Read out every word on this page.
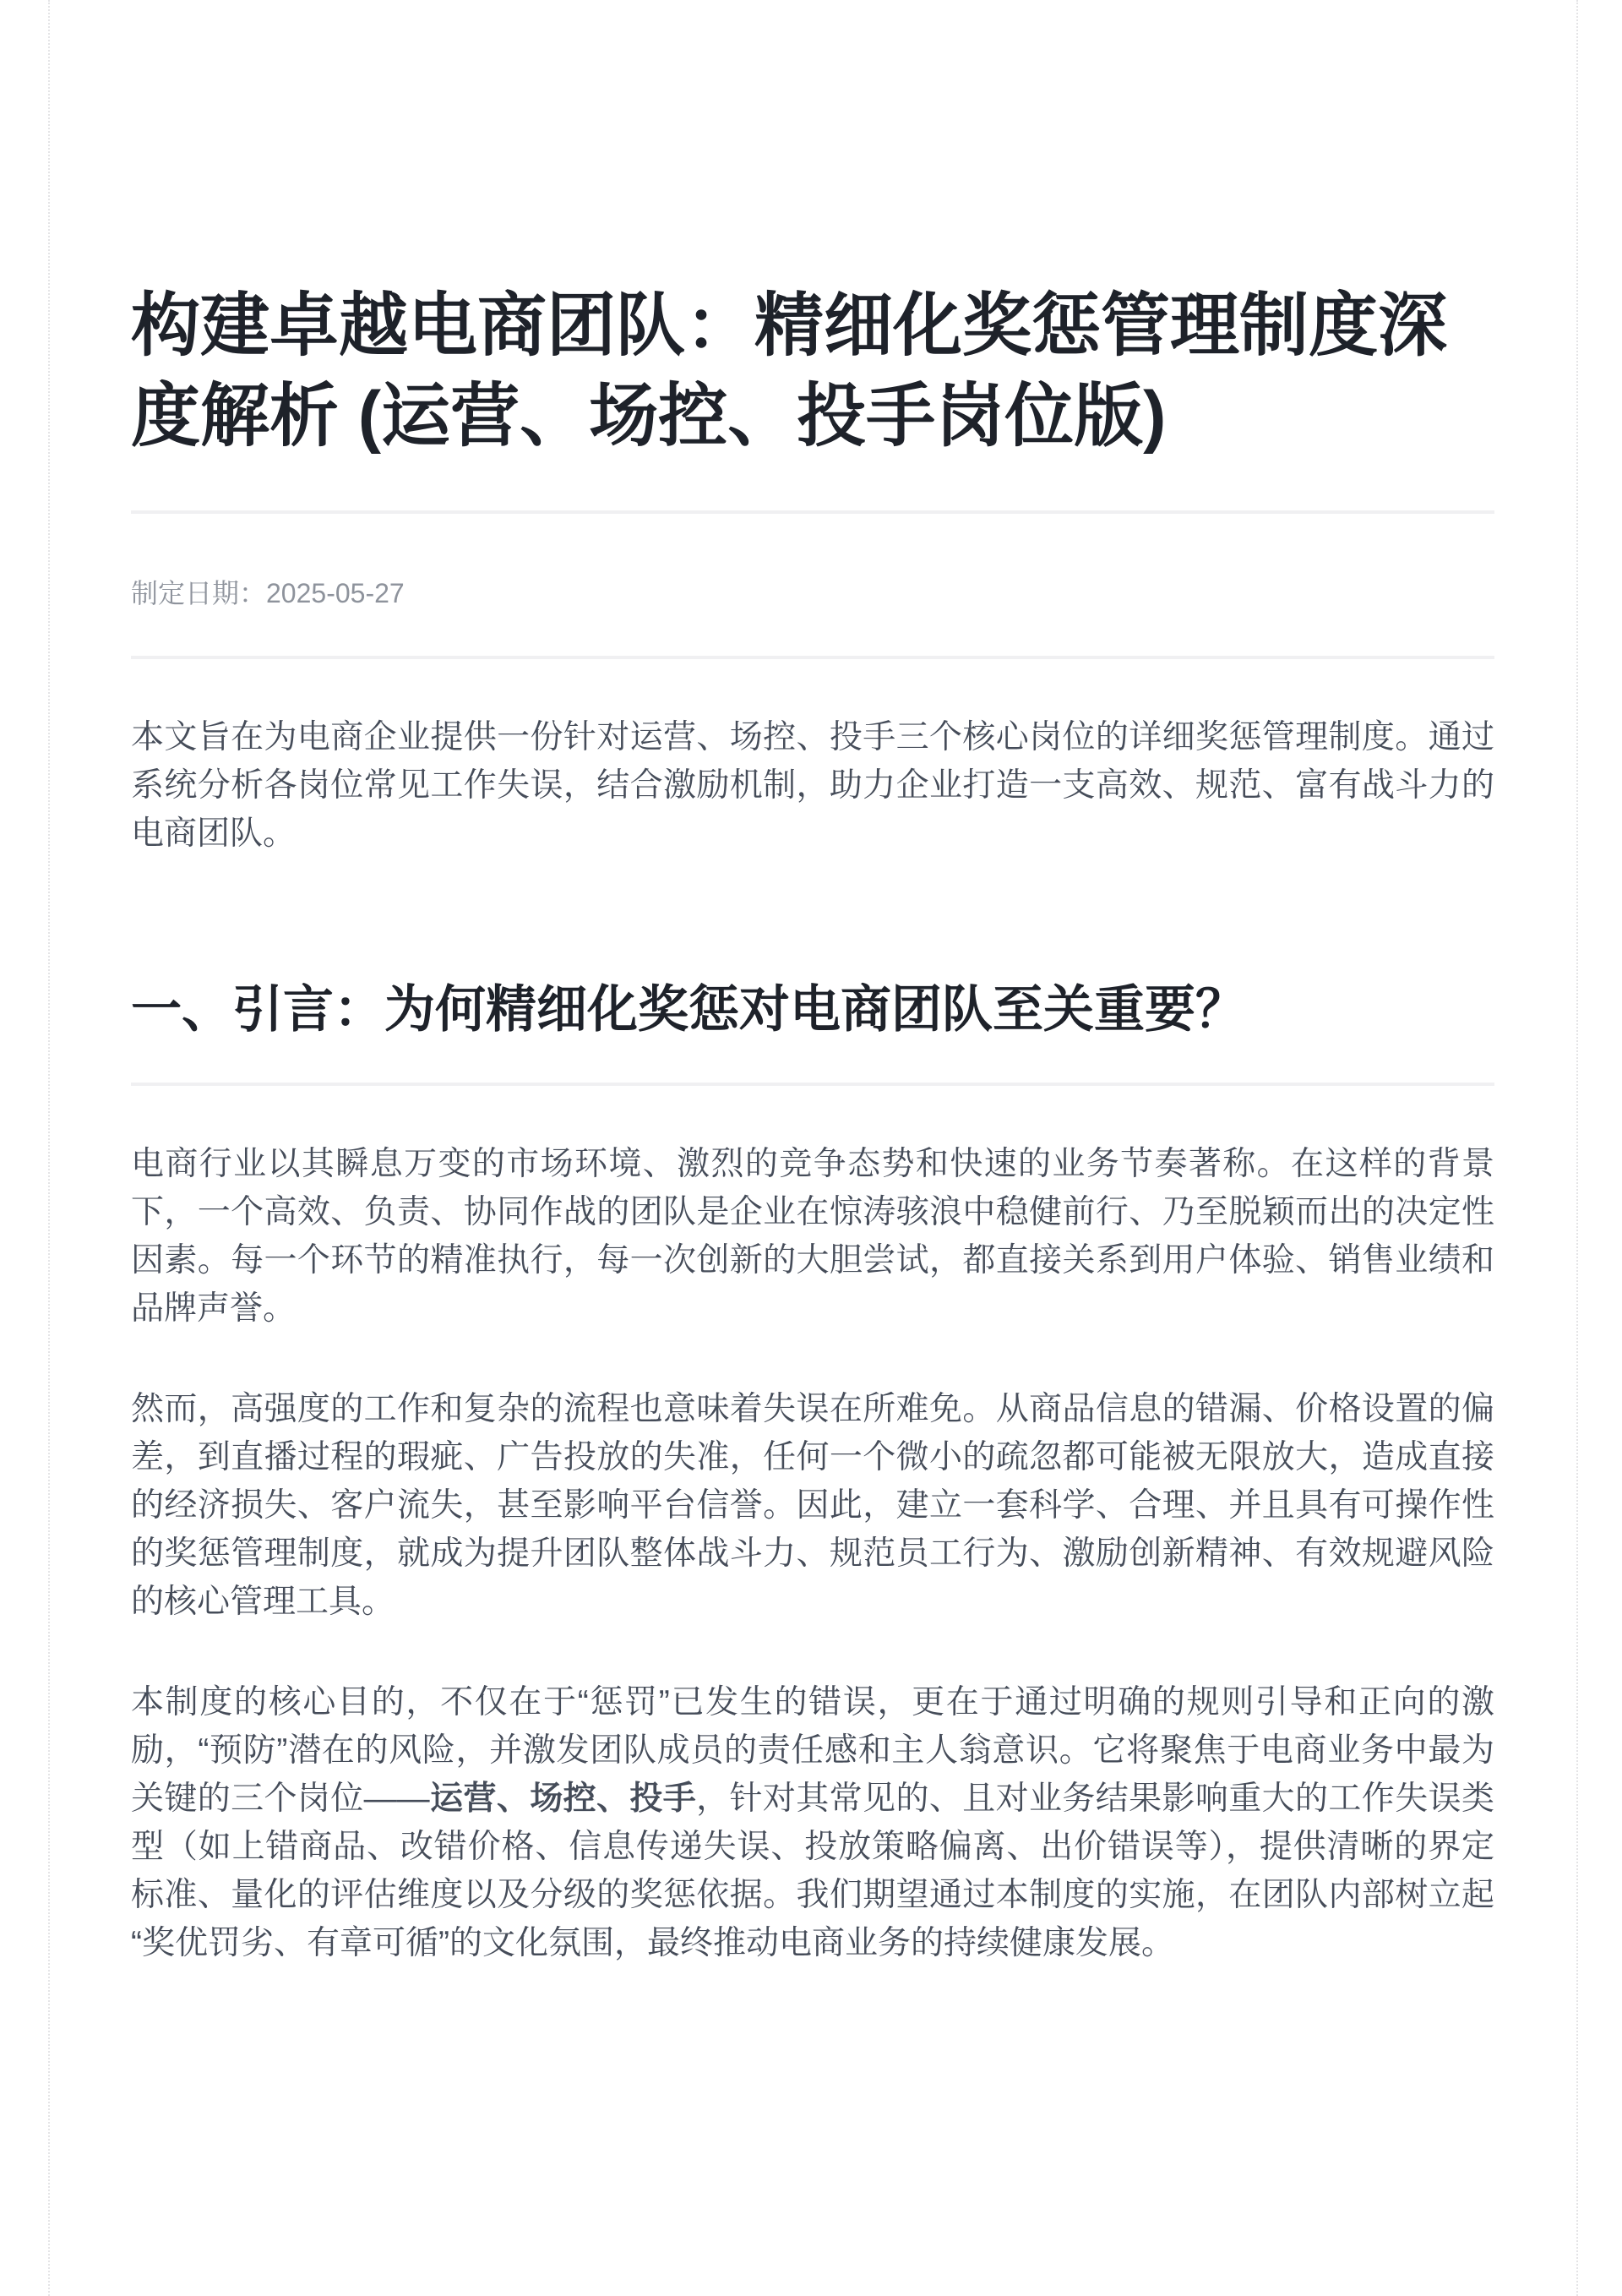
构建卓越电商团队：精细化奖惩管理制度深度解析 (运营、场控、投手岗位版)

制定日期：2025-05-27

本文旨在为电商企业提供一份针对运营、场控、投手三个核心岗位的详细奖惩管理制度。通过系统分析各岗位常见工作失误，结合激励机制，助力企业打造一支高效、规范、富有战斗力的电商团队。

一、引言：为何精细化奖惩对电商团队至关重要？

电商行业以其瞬息万变的市场环境、激烈的竞争态势和快速的业务节奏著称。在这样的背景下，一个高效、负责、协同作战的团队是企业在惊涛骇浪中稳健前行、乃至脱颖而出的决定性因素。每一个环节的精准执行，每一次创新的大胆尝试，都直接关系到用户体验、销售业绩和品牌声誉。

然而，高强度的工作和复杂的流程也意味着失误在所难免。从商品信息的错漏、价格设置的偏差，到直播过程的瑕疵、广告投放的失准，任何一个微小的疏忽都可能被无限放大，造成直接的经济损失、客户流失，甚至影响平台信誉。因此，建立一套科学、合理、并且具有可操作性的奖惩管理制度，就成为提升团队整体战斗力、规范员工行为、激励创新精神、有效规避风险的核心管理工具。

本制度的核心目的，不仅在于“惩罚”已发生的错误，更在于通过明确的规则引导和正向的激励，“预防”潜在的风险，并激发团队成员的责任感和主人翁意识。它将聚焦于电商业务中最为关键的三个岗位——运营、场控、投手，针对其常见的、且对业务结果影响重大的工作失误类型（如上错商品、改错价格、信息传递失误、投放策略偏离、出价错误等），提供清晰的界定标准、量化的评估维度以及分级的奖惩依据。我们期望通过本制度的实施，在团队内部树立起“奖优罚劣、有章可循”的文化氛围，最终推动电商业务的持续健康发展。
